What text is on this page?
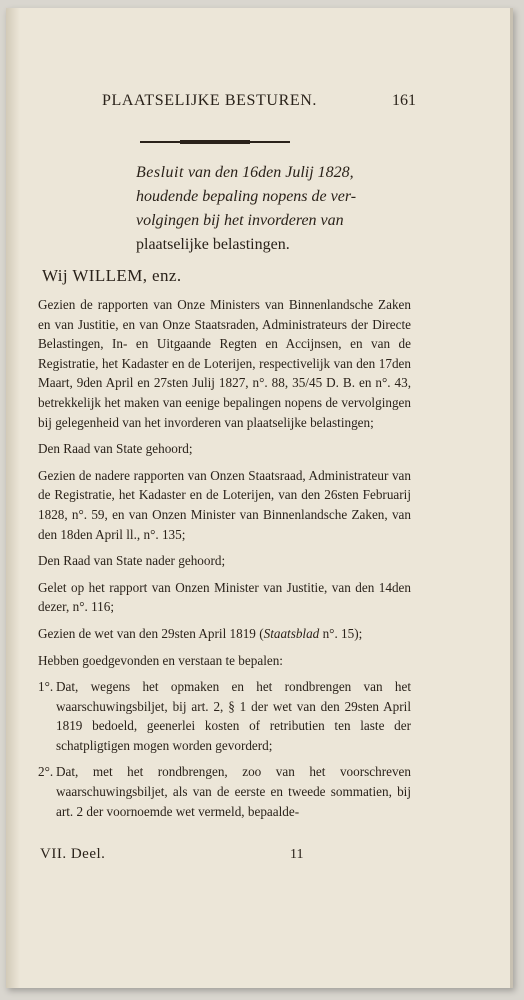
PLAATSELIJKE BESTUREN.	161
Besluit van den 16den Julij 1828,
houdende bepaling nopens de ver-
volgingen bij het invorderen van
plaatselijke belastingen.
Wij WILLEM, enz.

Gezien de rapporten van Onze Ministers van Binnenlandsche Zaken en van Justitie, en van Onze Staatsraden, Administrateurs der Directe Belastingen, In- en Uitgaande Regten en Accijnsen, en van de Registratie, het Kadaster en de Loterijen, respectivelijk van den 17den Maart, 9den April en 27sten Julij 1827, n°. 88, 35/45 D. B. en n°. 43, betrekkelijk het maken van eenige bepalingen nopens de vervolgingen bij gelegenheid van het invorderen van plaatselijke belastingen;

Den Raad van State gehoord;

Gezien de nadere rapporten van Onzen Staatsraad, Administrateur van de Registratie, het Kadaster en de Loterijen, van den 26sten Februarij 1828, n°. 59, en van Onzen Minister van Binnenlandsche Zaken, van den 18den April ll., n°. 135;

Den Raad van State nader gehoord;

Gelet op het rapport van Onzen Minister van Justitie, van den 14den dezer, n°. 116;

Gezien de wet van den 29sten April 1819 (Staatsblad n°. 15);

Hebben goedgevonden en verstaan te bepalen:

1°. Dat, wegens het opmaken en het rondbrengen van het waarschuwingsbiljet, bij art. 2, § 1 der wet van den 29sten April 1819 bedoeld, geenerlei kosten of retributien ten laste der schatpligtigen mogen worden gevorderd;
2°. Dat, met het rondbrengen, zoo van het voorschreven waarschuwingsbiljet, als van de eerste en tweede sommatien, bij art. 2 der voornoemde wet vermeld, bepaalde-
VII. Deel.	11
